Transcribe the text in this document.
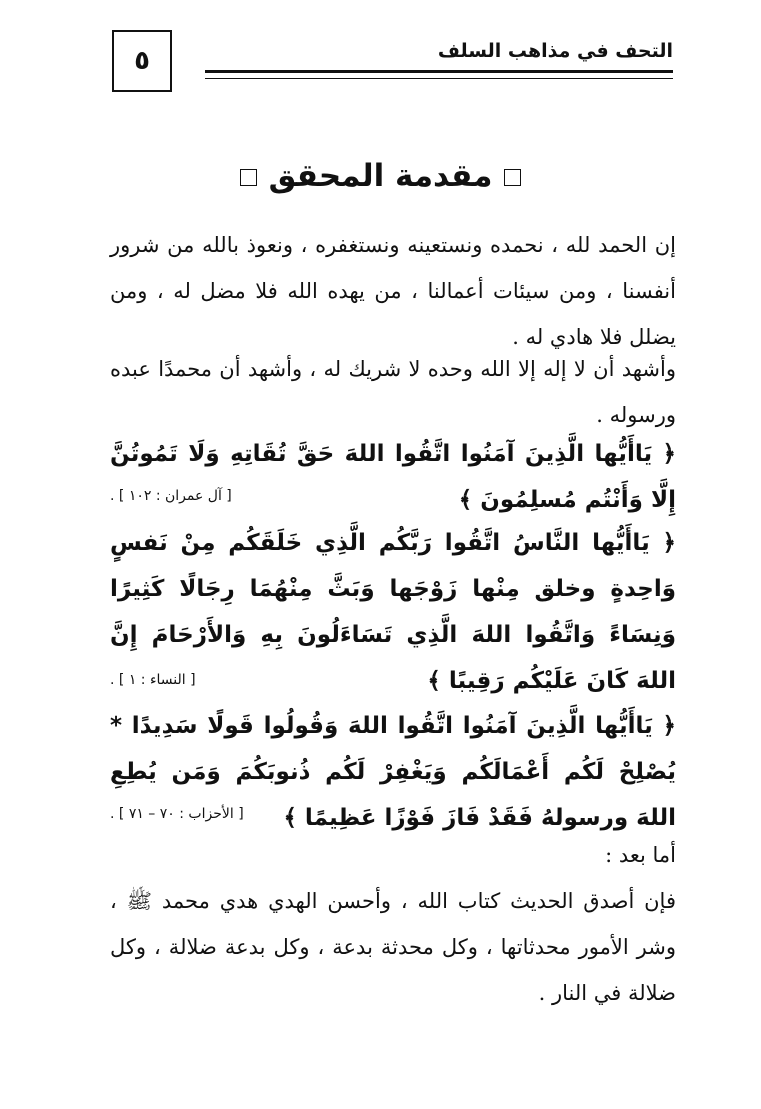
٥	التحف في مذاهب السلف
مقدمة المحقق
إن الحمد لله ، نحمده ونستعينه ونستغفره ، ونعوذ بالله من شرور أنفسنا ، ومن سيئات أعمالنا ، من يهده الله فلا مضل له ، ومن يضلل فلا هادي له .
وأشهد أن لا إله إلا الله وحده لا شريك له ، وأشهد أن محمدًا عبده ورسوله .
﴿ يَاأَيُّها الَّذِينَ آمَنُوا اتَّقُوا اللهَ حَقَّ تُقَاتِهِ وَلَا تَمُوتُنَّ إِلَّا وَأَنْتُم مُسلِمُونَ ﴾
[ آل عمران : ١٠٢ ] .
﴿ يَاأَيُّها النَّاسُ اتَّقُوا رَبَّكُم الَّذِي خَلَقَكُم مِنْ نَفسٍ وَاحِدةٍ وخلق مِنْها زَوْجَها وَبَثَّ مِنْهُمَا رِجَالًا كَثِيرًا وَنِسَاءً وَاتَّقُوا اللهَ الَّذِي تَسَاءَلُونَ بِهِ وَالأَرْحَامَ إِنَّ اللهَ كَانَ عَلَيْكُم رَقِيبًا ﴾
[ النساء : ١ ] .
﴿ يَاأَيُّها الَّذِينَ آمَنُوا اتَّقُوا اللهَ وَقُولُوا قَولًا سَدِيدًا * يُصْلِحْ لَكُم أَعْمَالَكُم وَيَغْفِرْ لَكُم ذُنوبَكُمَ وَمَن يُطِعِ اللهَ ورسولهُ فَقَدْ فَازَ فَوْزًا عَظِيمًا ﴾
[ الأحزاب : ٧٠ – ٧١ ] .
أما بعد :
فإن أصدق الحديث كتاب الله ، وأحسن الهدي هدي محمد ﷺ ، وشر الأمور محدثاتها ، وكل محدثة بدعة ، وكل بدعة ضلالة ، وكل ضلالة في النار .
